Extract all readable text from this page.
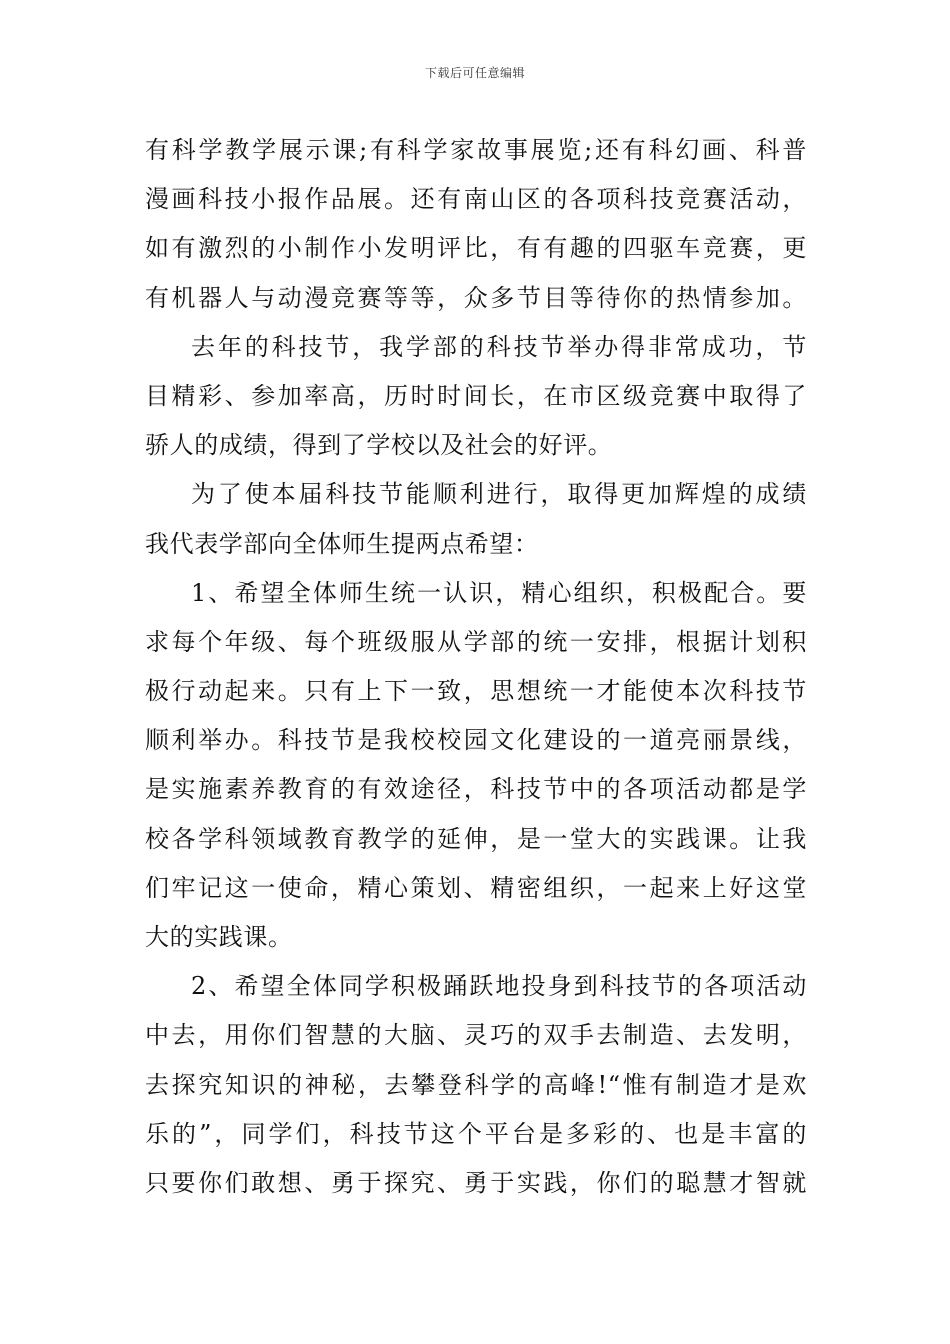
下载后可任意编辑
有科学教学展示课;有科学家故事展览;还有科幻画、科普
漫画科技小报作品展。还有南山区的各项科技竞赛活动，
如有激烈的小制作小发明评比，有有趣的四驱车竞赛，更
有机器人与动漫竞赛等等，众多节目等待你的热情参加。
去年的科技节，我学部的科技节举办得非常成功，节
目精彩、参加率高，历时时间长，在市区级竞赛中取得了
骄人的成绩，得到了学校以及社会的好评。
为了使本届科技节能顺利进行，取得更加辉煌的成绩
我代表学部向全体师生提两点希望：
1、希望全体师生统一认识，精心组织，积极配合。要
求每个年级、每个班级服从学部的统一安排，根据计划积
极行动起来。只有上下一致，思想统一才能使本次科技节
顺利举办。科技节是我校校园文化建设的一道亮丽景线，
是实施素养教育的有效途径，科技节中的各项活动都是学
校各学科领域教育教学的延伸，是一堂大的实践课。让我
们牢记这一使命，精心策划、精密组织，一起来上好这堂
大的实践课。
2、希望全体同学积极踊跃地投身到科技节的各项活动
中去，用你们智慧的大脑、灵巧的双手去制造、去发明，
去探究知识的神秘，去攀登科学的高峰!“惟有制造才是欢
乐的”，同学们，科技节这个平台是多彩的、也是丰富的
只要你们敢想、勇于探究、勇于实践，你们的聪慧才智就
